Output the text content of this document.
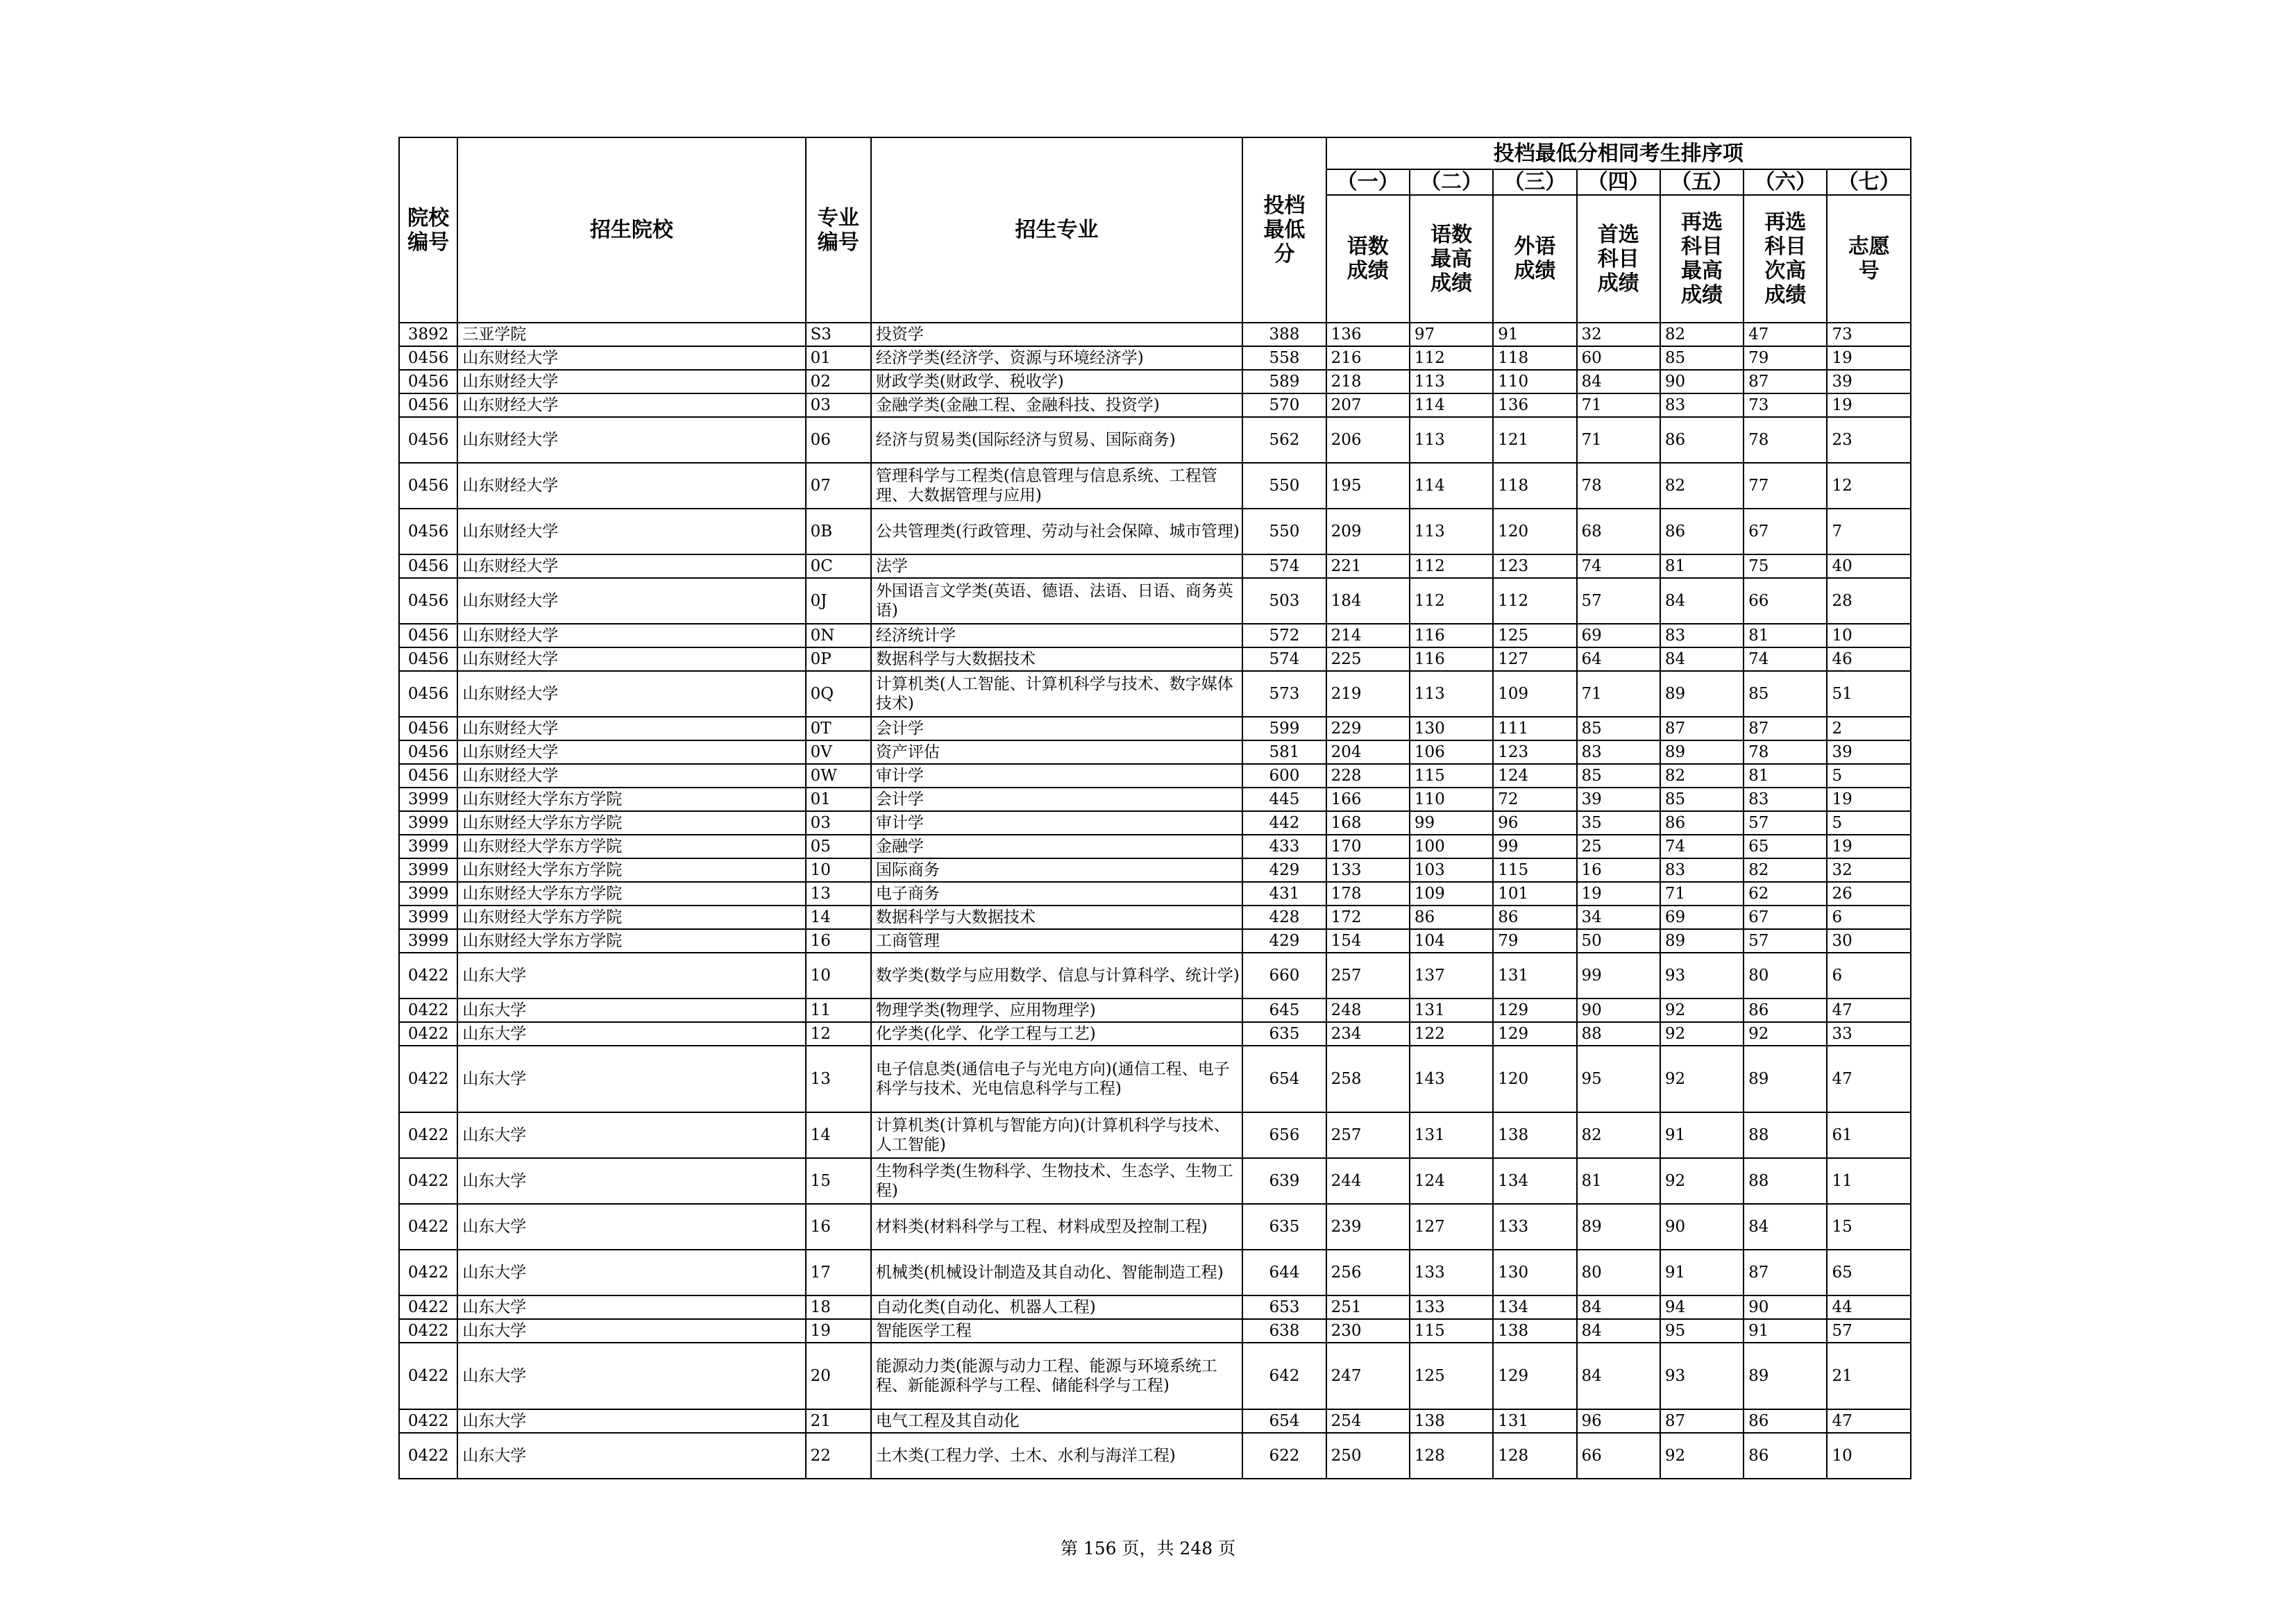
院校编号	招生院校	专业编号	招生专业	投档最低分	投档最低分相同考生排序项						
					（一）	（二）	（三）	（四）	（五）	（六）	（七）
					语数成绩	语数最高成绩	外语成绩	首选科目成绩	再选科目最高成绩	再选科目次高成绩	志愿号
3892	三亚学院	S3	投资学	388	136	97	91	32	82	47	73
0456	山东财经大学	01	经济学类(经济学、资源与环境经济学)	558	216	112	118	60	85	79	19
0456	山东财经大学	02	财政学类(财政学、税收学)	589	218	113	110	84	90	87	39
0456	山东财经大学	03	金融学类(金融工程、金融科技、投资学)	570	207	114	136	71	83	73	19
0456	山东财经大学	06	经济与贸易类(国际经济与贸易、国际商务)	562	206	113	121	71	86	78	23
0456	山东财经大学	07	管理科学与工程类(信息管理与信息系统、工程管理、大数据管理与应用)	550	195	114	118	78	82	77	12
0456	山东财经大学	0B	公共管理类(行政管理、劳动与社会保障、城市管理)	550	209	113	120	68	86	67	7
0456	山东财经大学	0C	法学	574	221	112	123	74	81	75	40
0456	山东财经大学	0J	外国语言文学类(英语、德语、法语、日语、商务英语)	503	184	112	112	57	84	66	28
0456	山东财经大学	0N	经济统计学	572	214	116	125	69	83	81	10
0456	山东财经大学	0P	数据科学与大数据技术	574	225	116	127	64	84	74	46
0456	山东财经大学	0Q	计算机类(人工智能、计算机科学与技术、数字媒体技术)	573	219	113	109	71	89	85	51
0456	山东财经大学	0T	会计学	599	229	130	111	85	87	87	2
0456	山东财经大学	0V	资产评估	581	204	106	123	83	89	78	39
0456	山东财经大学	0W	审计学	600	228	115	124	85	82	81	5
3999	山东财经大学东方学院	01	会计学	445	166	110	72	39	85	83	19
3999	山东财经大学东方学院	03	审计学	442	168	99	96	35	86	57	5
3999	山东财经大学东方学院	05	金融学	433	170	100	99	25	74	65	19
3999	山东财经大学东方学院	10	国际商务	429	133	103	115	16	83	82	32
3999	山东财经大学东方学院	13	电子商务	431	178	109	101	19	71	62	26
3999	山东财经大学东方学院	14	数据科学与大数据技术	428	172	86	86	34	69	67	6
3999	山东财经大学东方学院	16	工商管理	429	154	104	79	50	89	57	30
0422	山东大学	10	数学类(数学与应用数学、信息与计算科学、统计学)	660	257	137	131	99	93	80	6
0422	山东大学	11	物理学类(物理学、应用物理学)	645	248	131	129	90	92	86	47
0422	山东大学	12	化学类(化学、化学工程与工艺)	635	234	122	129	88	92	92	33
0422	山东大学	13	电子信息类(通信电子与光电方向)(通信工程、电子科学与技术、光电信息科学与工程)	654	258	143	120	95	92	89	47
0422	山东大学	14	计算机类(计算机与智能方向)(计算机科学与技术、人工智能)	656	257	131	138	82	91	88	61
0422	山东大学	15	生物科学类(生物科学、生物技术、生态学、生物工程)	639	244	124	134	81	92	88	11
0422	山东大学	16	材料类(材料科学与工程、材料成型及控制工程)	635	239	127	133	89	90	84	15
0422	山东大学	17	机械类(机械设计制造及其自动化、智能制造工程)	644	256	133	130	80	91	87	65
0422	山东大学	18	自动化类(自动化、机器人工程)	653	251	133	134	84	94	90	44
0422	山东大学	19	智能医学工程	638	230	115	138	84	95	91	57
0422	山东大学	20	能源动力类(能源与动力工程、能源与环境系统工程、新能源科学与工程、储能科学与工程)	642	247	125	129	84	93	89	21
0422	山东大学	21	电气工程及其自动化	654	254	138	131	96	87	86	47
0422	山东大学	22	土木类(工程力学、土木、水利与海洋工程)	622	250	128	128	66	92	86	10
第 156 页，共 248 页
